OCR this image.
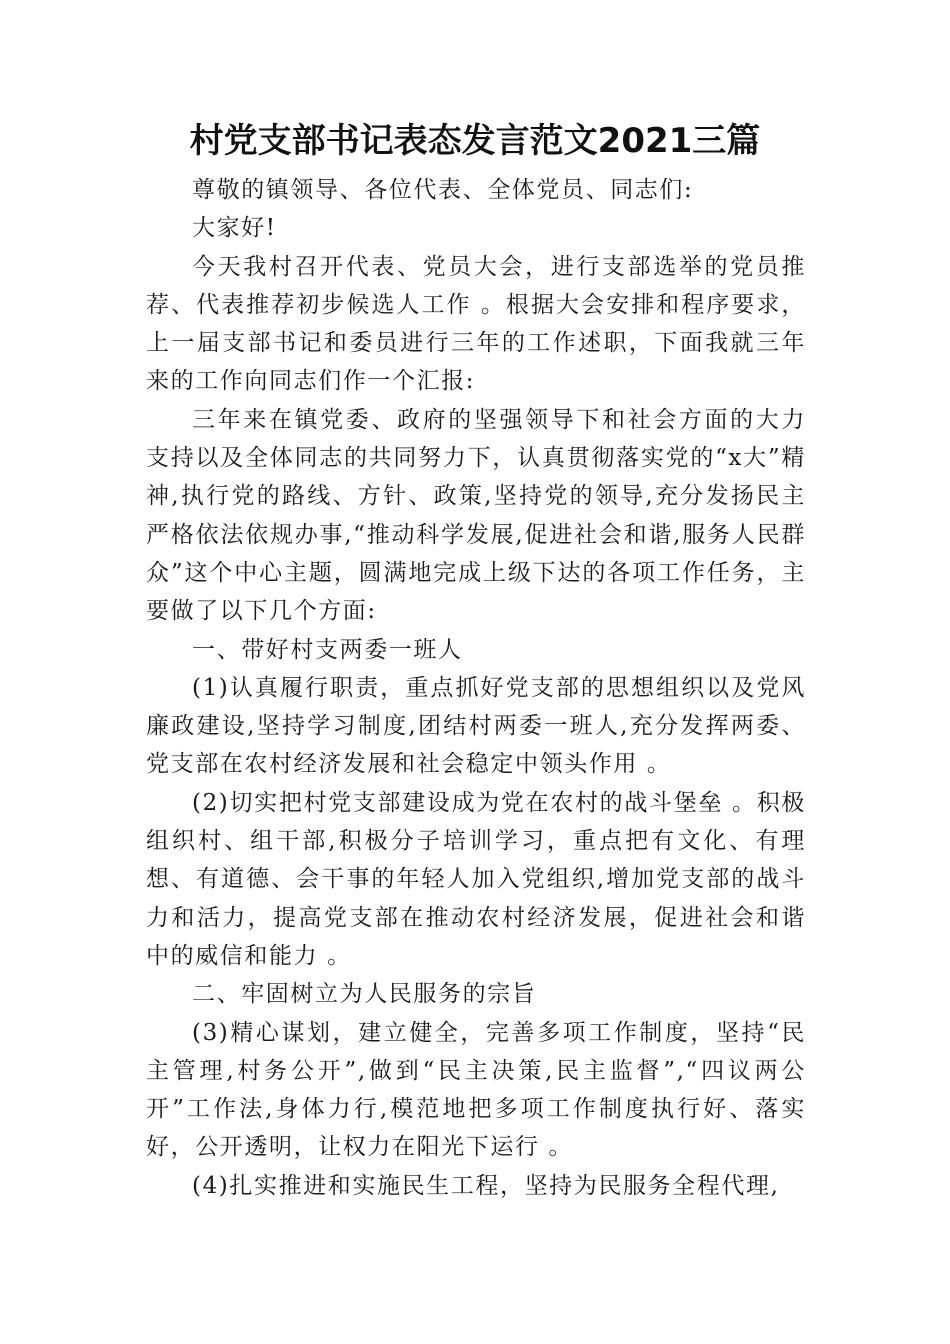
村党支部书记表态发言范文2021三篇

尊敬的镇领导、各位代表、全体党员、同志们:

大家好!

今天我村召开代表、党员大会，进行支部选举的党员推荐、代表推荐初步候选人工作 。根据大会安排和程序要求，上一届支部书记和委员进行三年的工作述职，下面我就三年来的工作向同志们作一个汇报:

三年来在镇党委、政府的坚强领导下和社会方面的大力支持以及全体同志的共同努力下，认真贯彻落实党的“x大”精神,执行党的路线、方针、政策,坚持党的领导,充分发扬民主严格依法依规办事,“推动科学发展,促进社会和谐,服务人民群众”这个中心主题，圆满地完成上级下达的各项工作任务，主要做了以下几个方面:

一、带好村支两委一班人

(1)认真履行职责，重点抓好党支部的思想组织以及党风廉政建设,坚持学习制度,团结村两委一班人,充分发挥两委、党支部在农村经济发展和社会稳定中领头作用 。

(2)切实把村党支部建设成为党在农村的战斗堡垒 。积极组织村、组干部,积极分子培训学习，重点把有文化、有理想、有道德、会干事的年轻人加入党组织,增加党支部的战斗力和活力，提高党支部在推动农村经济发展，促进社会和谐中的威信和能力 。

二、牢固树立为人民服务的宗旨

(3)精心谋划，建立健全，完善多项工作制度，坚持“民主管理,村务公开”,做到“民主决策,民主监督”,“四议两公开”工作法,身体力行,模范地把多项工作制度执行好、落实好，公开透明，让权力在阳光下运行 。

(4)扎实推进和实施民生工程，坚持为民服务全程代理,
